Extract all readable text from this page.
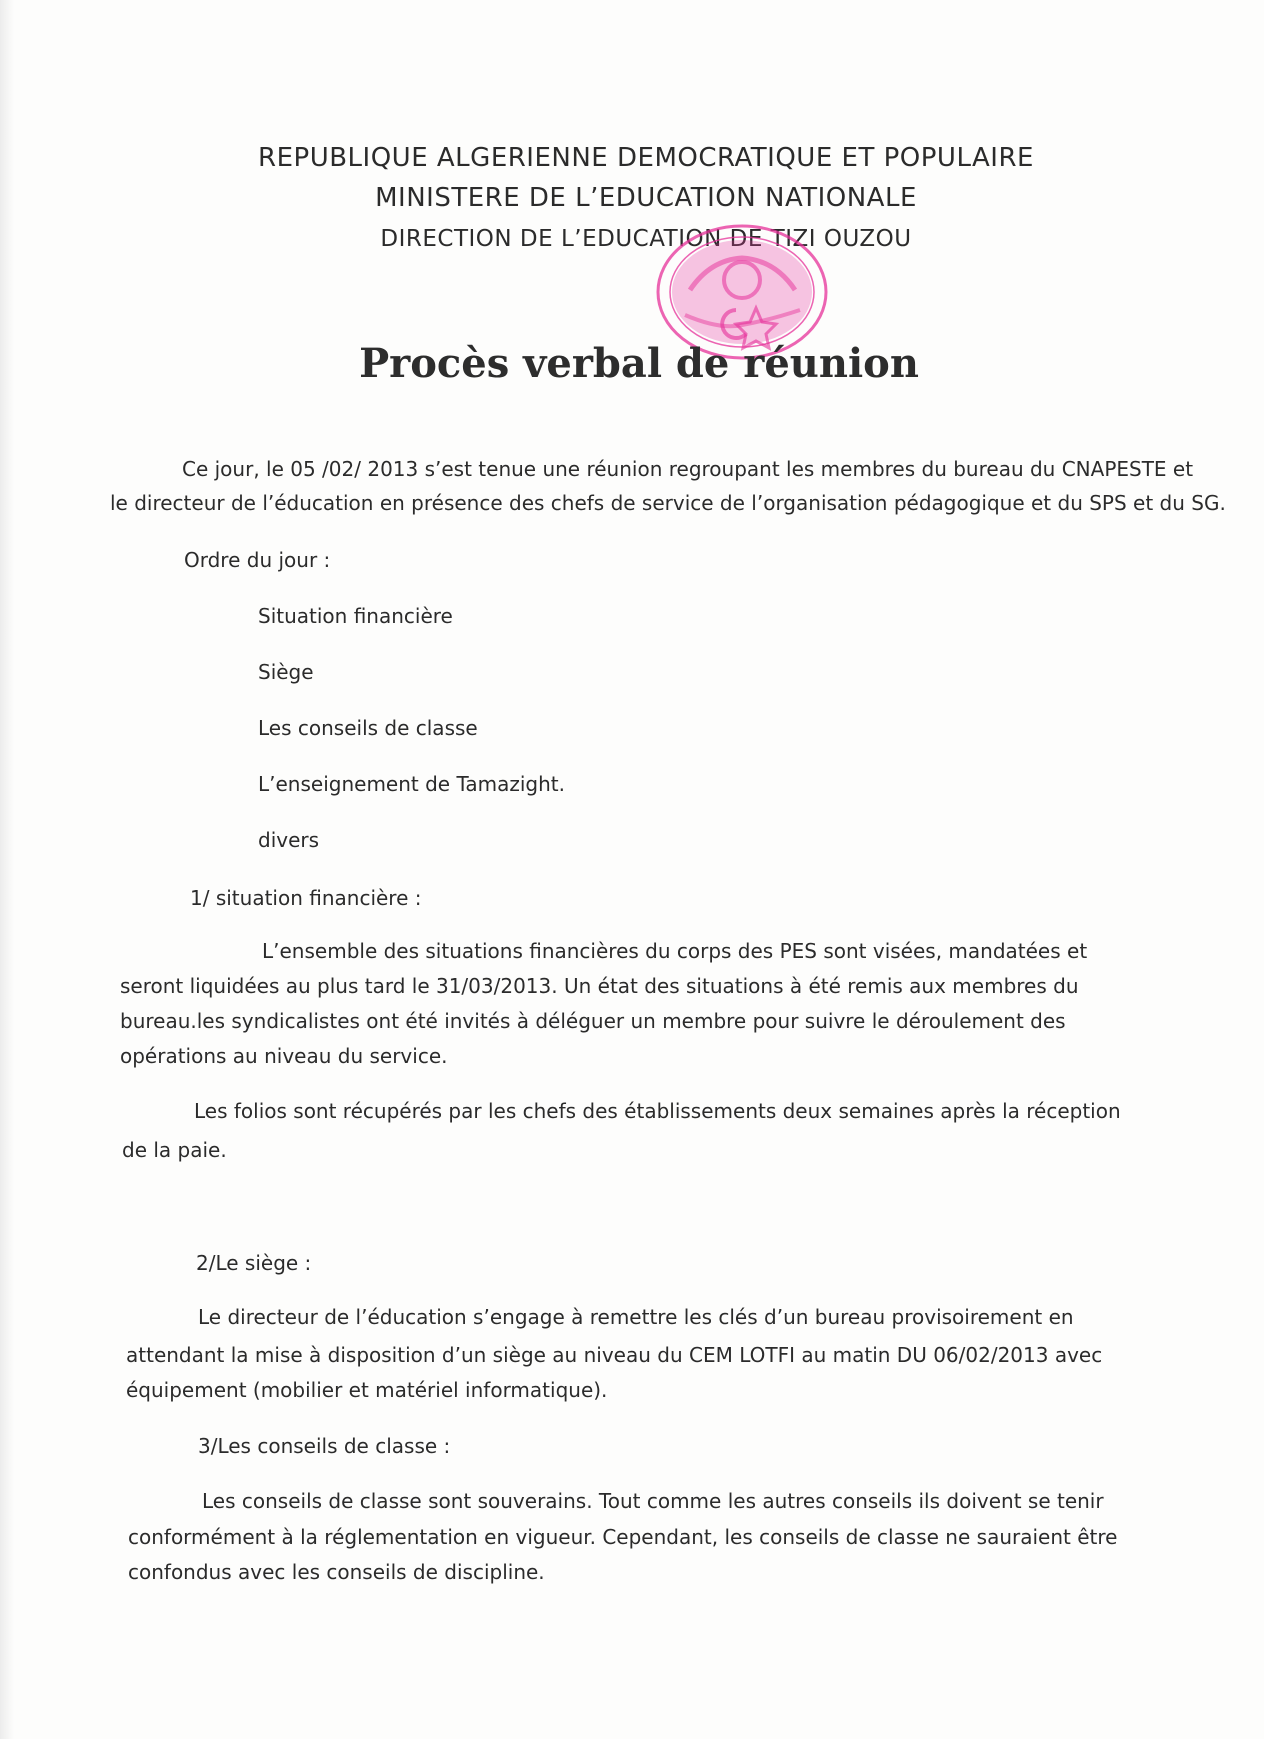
REPUBLIQUE ALGERIENNE DEMOCRATIQUE ET POPULAIRE
MINISTERE DE L’EDUCATION NATIONALE
DIRECTION DE L’EDUCATION DE TIZI OUZOU
Procès verbal de réunion
Ce jour, le 05 /02/ 2013 s’est tenue une réunion regroupant les membres du bureau du CNAPESTE et
le directeur de l’éducation en présence des chefs de service de l’organisation pédagogique et du SPS et du SG.
Ordre du jour :
Situation financière
Siège
Les conseils de classe
L’enseignement de Tamazight.
divers
1/ situation financière :
L’ensemble des situations financières du corps des PES sont visées, mandatées et
seront liquidées au plus tard le 31/03/2013. Un état des situations à été remis aux membres du
bureau.les syndicalistes ont été invités à déléguer un membre pour suivre le déroulement des
opérations au niveau du service.
Les folios sont récupérés par les chefs des établissements deux semaines après la réception
de la paie.
2/Le siège :
Le directeur de l’éducation s’engage à remettre les clés d’un bureau provisoirement en
attendant la mise à disposition d’un siège au niveau du CEM LOTFI au matin DU 06/02/2013 avec
équipement (mobilier et matériel informatique).
3/Les conseils de classe :
Les conseils de classe sont souverains. Tout comme les autres conseils ils doivent se tenir
conformément à la réglementation en vigueur. Cependant, les conseils de classe ne sauraient être
confondus avec les conseils de discipline.
